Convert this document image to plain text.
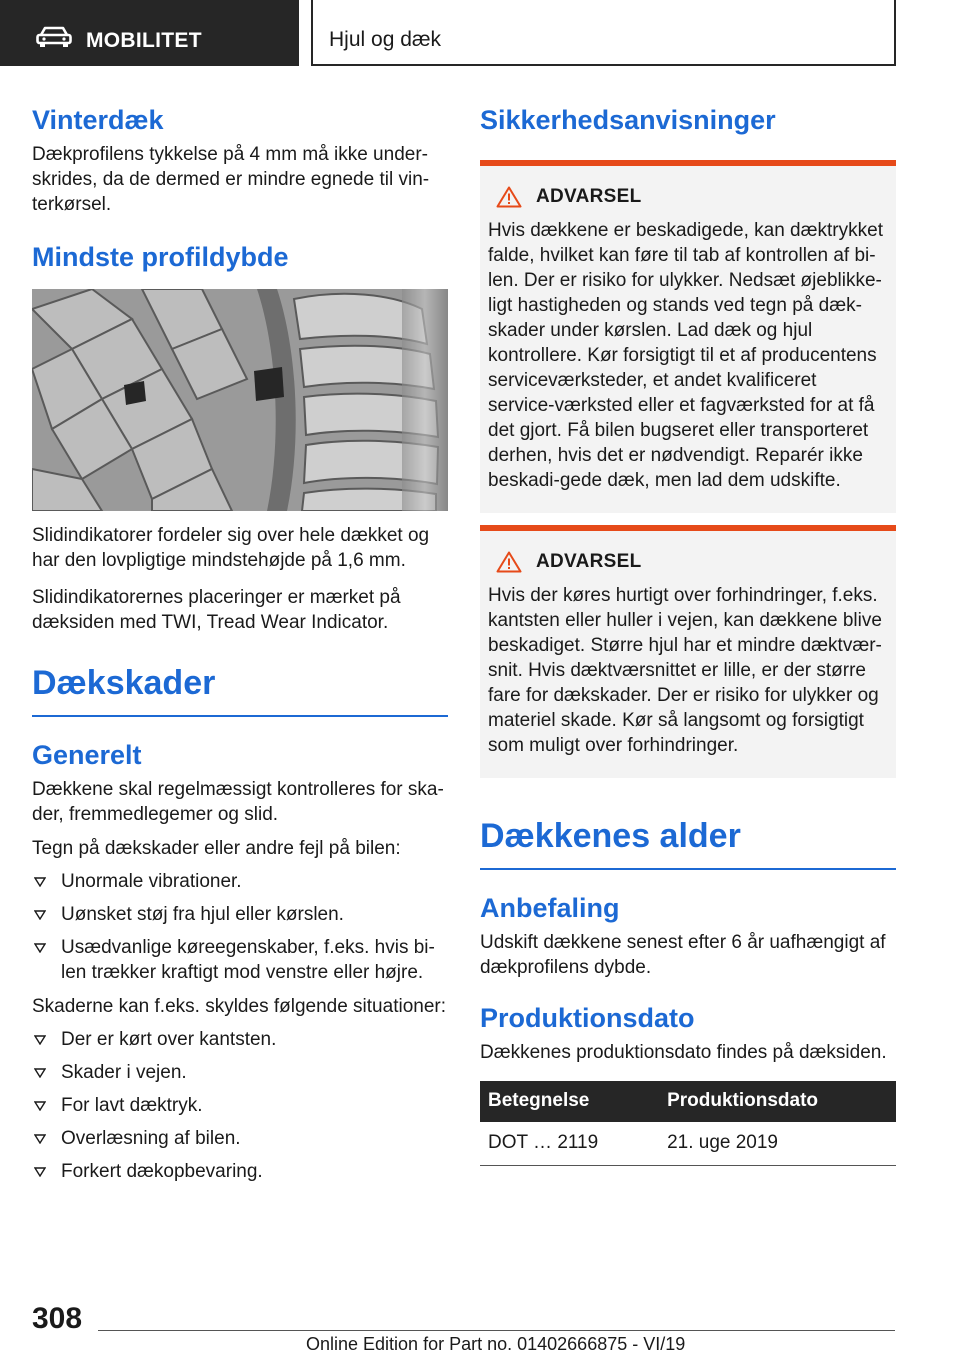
MOBILITET	Hjul og dæk
Vinterdæk
Dækprofilens tykkelse på 4 mm må ikke under-skrides, da de dermed er mindre egnede til vin-terkørsel.
Mindste profildybde
Slidindikatorer fordeler sig over hele dækket og har den lovpligtige mindstehøjde på 1,6 mm.
Slidindikatorernes placeringer er mærket på dæksiden med TWI, Tread Wear Indicator.
Dækskader
Generelt
Dækkene skal regelmæssigt kontrolleres for ska-der, fremmedlegemer og slid.
Tegn på dækskader eller andre fejl på bilen:
Unormale vibrationer.
Uønsket støj fra hjul eller kørslen.
Usædvanlige køreegenskaber, f.eks. hvis bi-len trækker kraftigt mod venstre eller højre.
Skaderne kan f.eks. skyldes følgende situationer:
Der er kørt over kantsten.
Skader i vejen.
For lavt dæktryk.
Overlæsning af bilen.
Forkert dækopbevaring.
Sikkerhedsanvisninger
ADVARSEL
Hvis dækkene er beskadigede, kan dæktrykket falde, hvilket kan føre til tab af kontrollen af bi-len. Der er risiko for ulykker. Nedsæt øjeblikke-ligt hastigheden og stands ved tegn på dæk-skader under kørslen. Lad dæk og hjul kontrollere. Kør forsigtigt til et af producentens serviceværksteder, et andet kvalificeret service-værksted eller et fagværksted for at få det gjort. Få bilen bugseret eller transporteret derhen, hvis det er nødvendigt. Reparér ikke beskadi-gede dæk, men lad dem udskifte.
ADVARSEL
Hvis der køres hurtigt over forhindringer, f.eks. kantsten eller huller i vejen, kan dækkene blive beskadiget. Større hjul har et mindre dæktvær-snit. Hvis dæktværsnittet er lille, er der større fare for dækskader. Der er risiko for ulykker og materiel skade. Kør så langsomt og forsigtigt som muligt over forhindringer.
Dækkenes alder
Anbefaling
Udskift dækkene senest efter 6 år uafhængigt af dækprofilens dybde.
Produktionsdato
Dækkenes produktionsdato findes på dæksiden.
Betegnelse	Produktionsdato
DOT … 2119	21. uge 2019
308
Online Edition for Part no. 01402666875 - VI/19
